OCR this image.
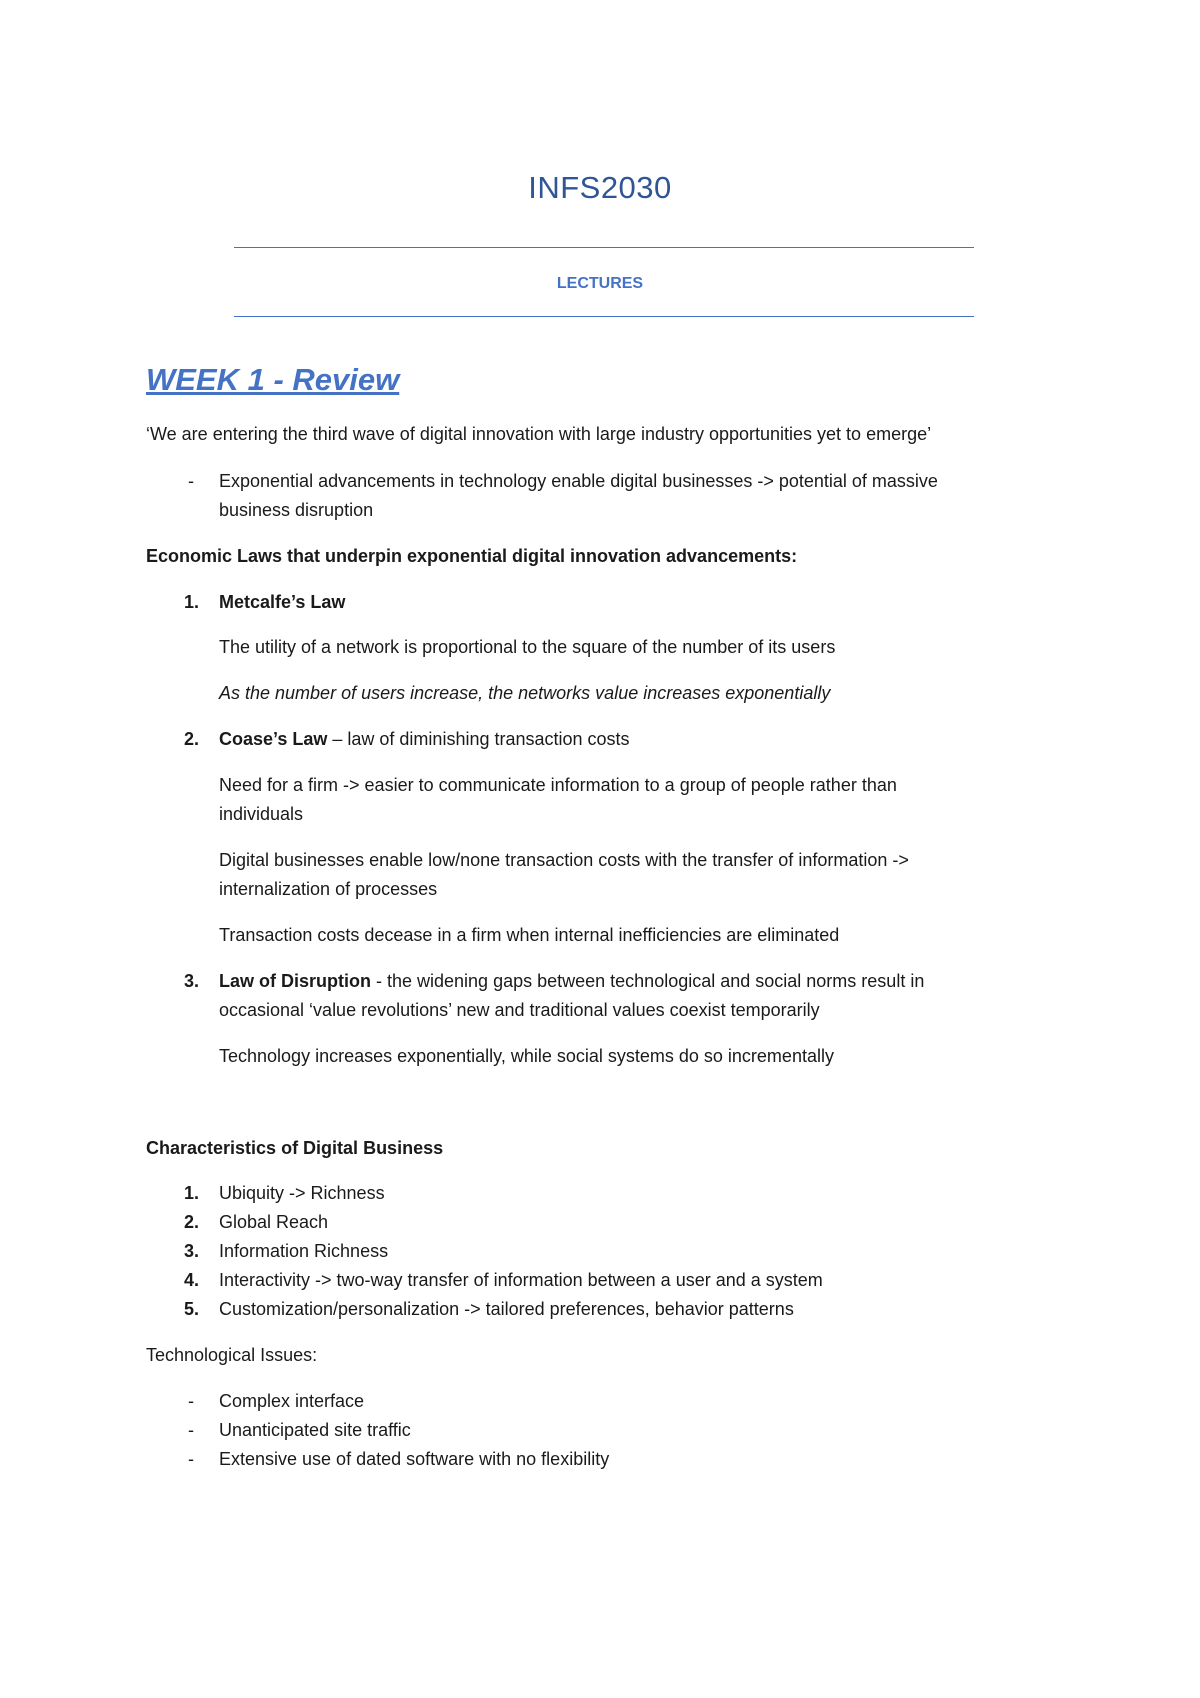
INFS2030
LECTURES
WEEK 1 - Review
‘We are entering the third wave of digital innovation with large industry opportunities yet to emerge’
- Exponential advancements in technology enable digital businesses -> potential of massive
business disruption
Economic Laws that underpin exponential digital innovation advancements:
1. Metcalfe’s Law
The utility of a network is proportional to the square of the number of its users
As the number of users increase, the networks value increases exponentially
2. Coase’s Law – law of diminishing transaction costs
Need for a firm -> easier to communicate information to a group of people rather than
individuals
Digital businesses enable low/none transaction costs with the transfer of information ->
internalization of processes
Transaction costs decease in a firm when internal inefficiencies are eliminated
3. Law of Disruption - the widening gaps between technological and social norms result in
occasional ‘value revolutions’ new and traditional values coexist temporarily
Technology increases exponentially, while social systems do so incrementally
Characteristics of Digital Business
1. Ubiquity -> Richness
2. Global Reach
3. Information Richness
4. Interactivity -> two-way transfer of information between a user and a system
5. Customization/personalization -> tailored preferences, behavior patterns
Technological Issues:
- Complex interface
- Unanticipated site traffic
- Extensive use of dated software with no flexibility
